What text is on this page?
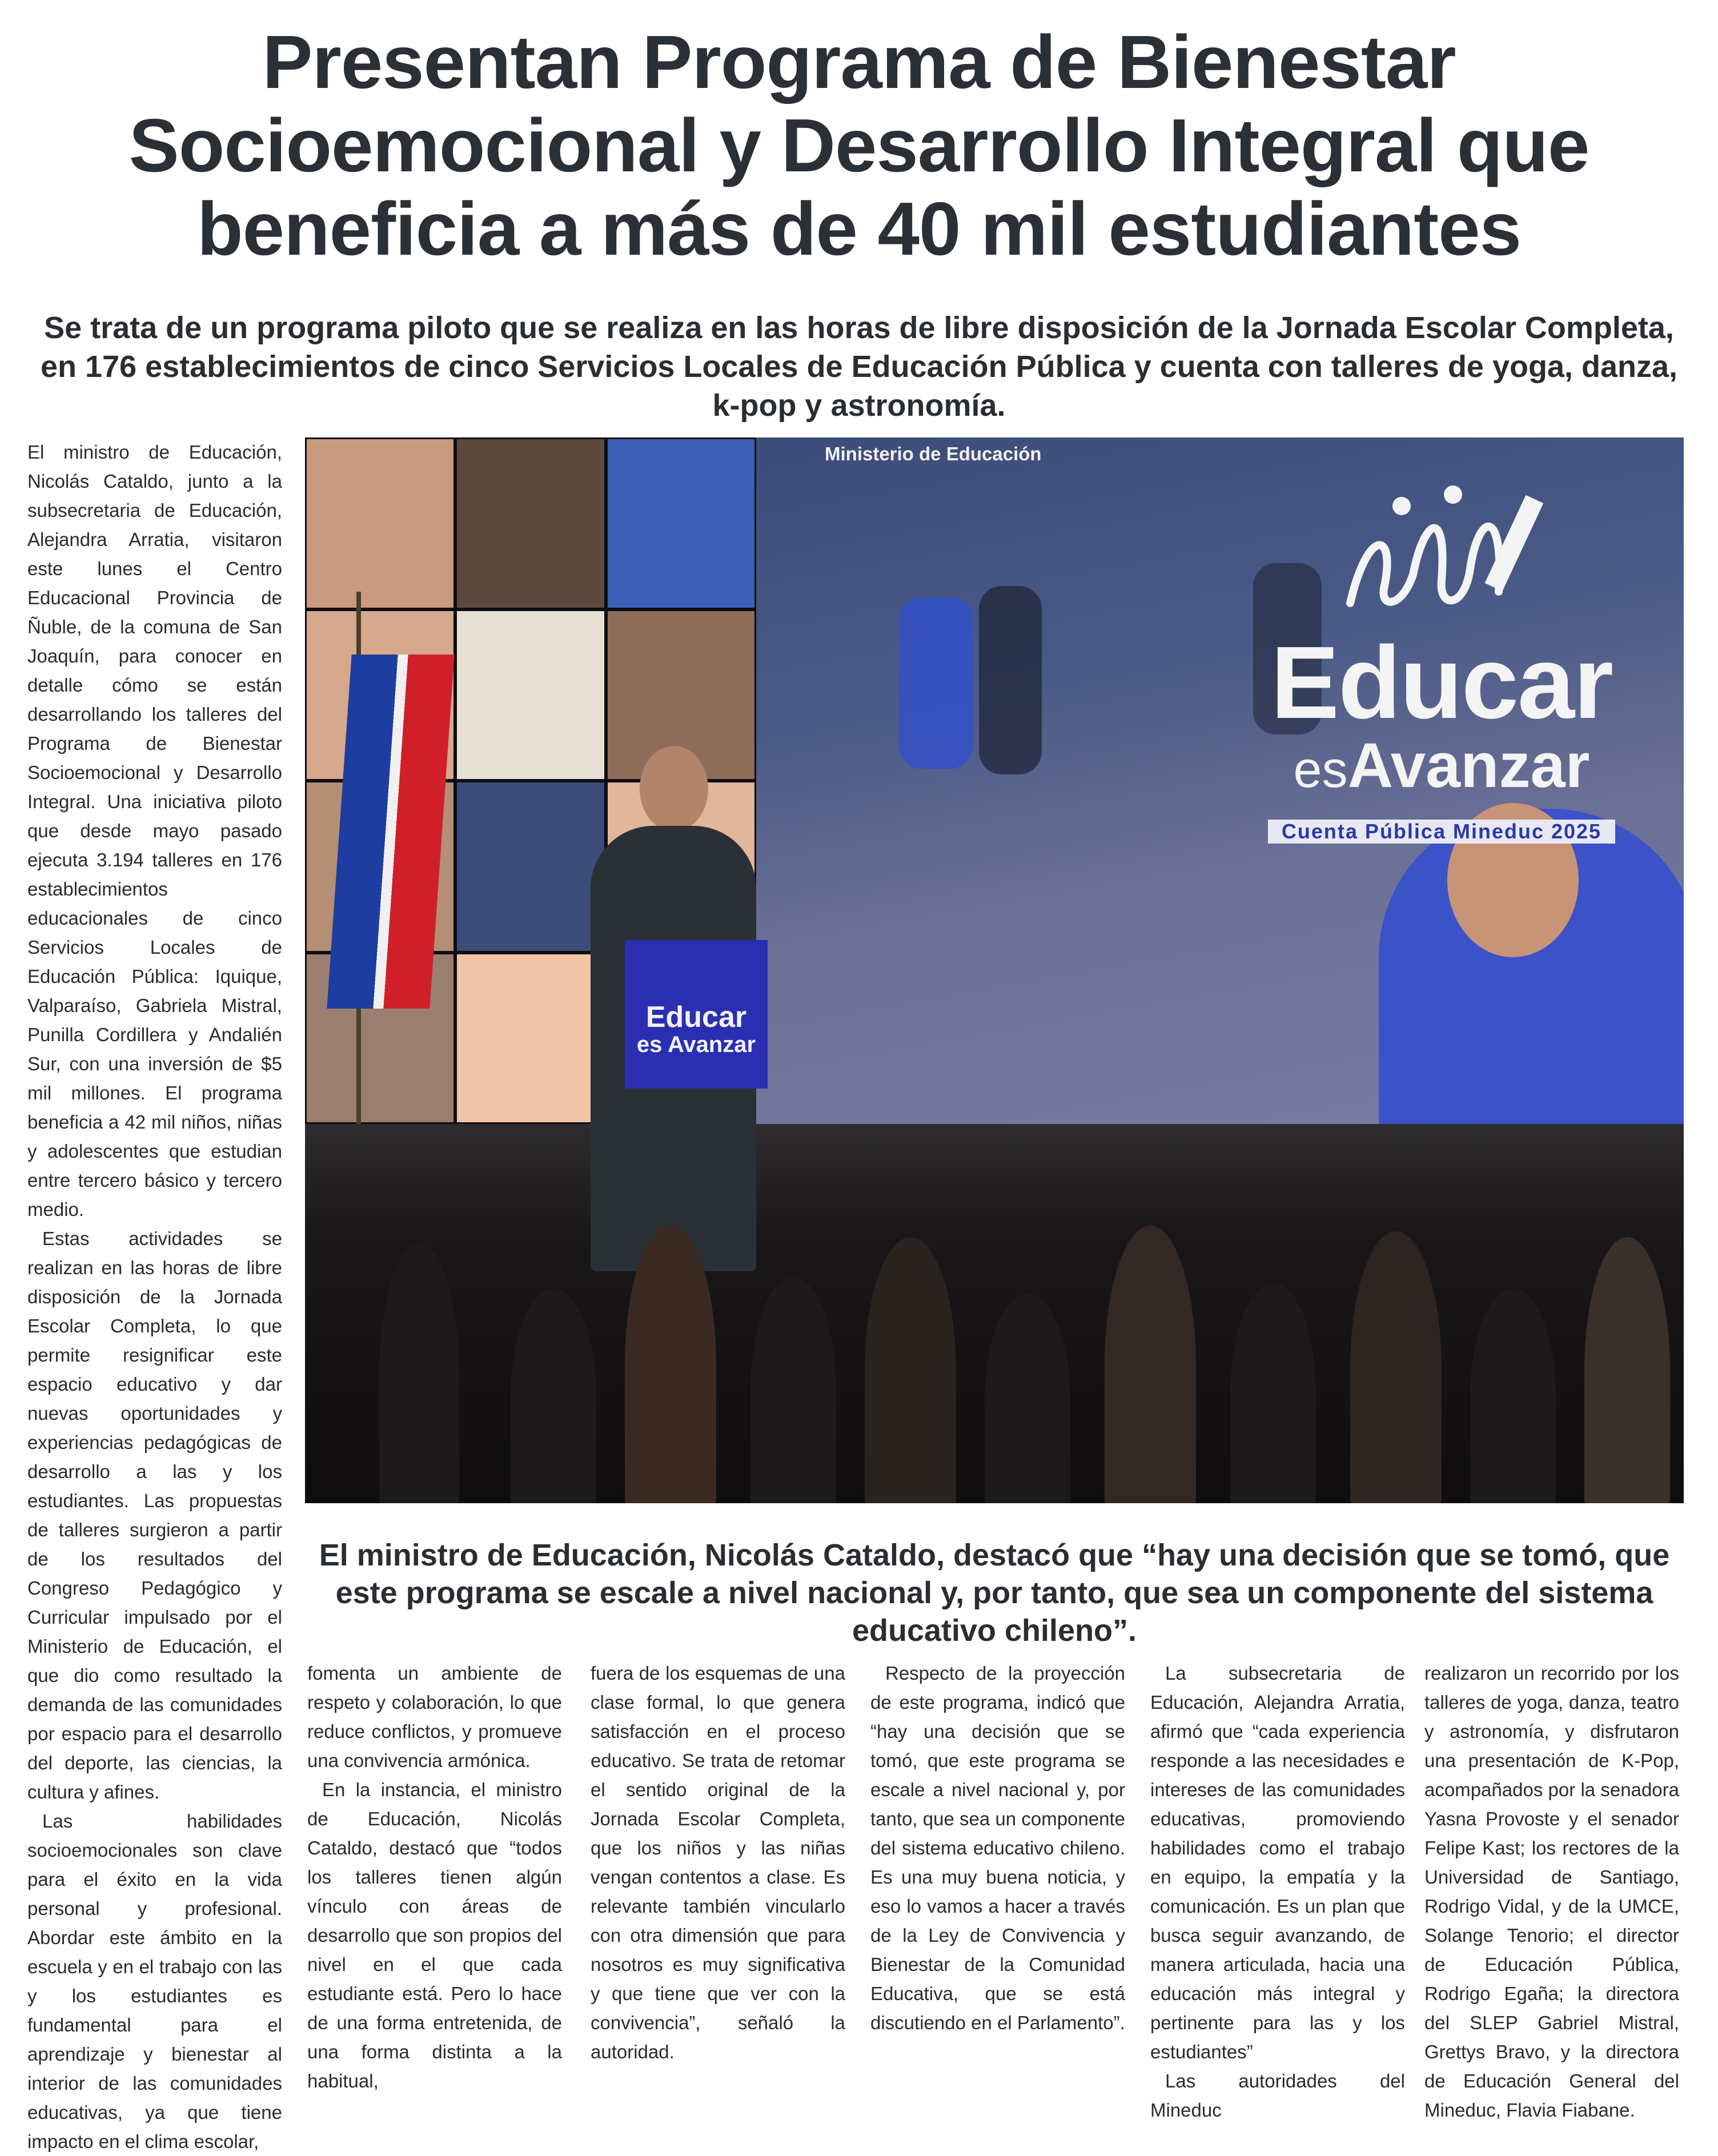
Presentan Programa de Bienestar
Socioemocional y Desarrollo Integral que
beneficia a más de 40 mil estudiantes
Se trata de un programa piloto que se realiza en las horas de libre disposición de la Jornada Escolar Completa, en 176 establecimientos de cinco Servicios Locales de Educación Pública y cuenta con talleres de yoga, danza, k-pop y astronomía.

El ministro de Educación, Nicolás Cataldo, junto a la subsecretaria de Educación, Alejandra Arratia, visitaron este lunes el Centro Educacional Provincia de Ñuble, de la comuna de San Joaquín, para conocer en detalle cómo se están desarrollando los talleres del Programa de Bienestar Socioemocional y Desarrollo Integral. Una iniciativa piloto que desde mayo pasado ejecuta 3.194 talleres en 176 establecimientos educacionales de cinco Servicios Locales de Educación Pública: Iquique, Valparaíso, Gabriela Mistral, Punilla Cordillera y Andalién Sur, con una inversión de $5 mil millones. El programa beneficia a 42 mil niños, niñas y adolescentes que estudian entre tercero básico y tercero medio.

Estas actividades se realizan en las horas de libre disposición de la Jornada Escolar Completa, lo que permite resignificar este espacio educativo y dar nuevas oportunidades y experiencias pedagógicas de desarrollo a las y los estudiantes. Las propuestas de talleres surgieron a partir de los resultados del Congreso Pedagógico y Curricular impulsado por el Ministerio de Educación, el que dio como resultado la demanda de las comunidades por espacio para el desarrollo del deporte, las ciencias, la cultura y afines.

Las habilidades socioemocionales son clave para el éxito en la vida personal y profesional. Abordar este ámbito en la escuela y en el trabajo con las y los estudiantes es fundamental para el aprendizaje y bienestar al interior de las comunidades educativas, ya que tiene impacto en el clima escolar,

Ministerio de Educación
Educar
esAvanzar
Cuenta Pública Mineduc 2025
Educar
es Avanzar
El ministro de Educación, Nicolás Cataldo, destacó que “hay una decisión que se tomó, que este programa se escale a nivel nacional y, por tanto, que sea un componente del sistema educativo chileno”.

fomenta un ambiente de respeto y colaboración, lo que reduce conflictos, y promueve una convivencia armónica.

En la instancia, el ministro de Educación, Nicolás Cataldo, destacó que “todos los talleres tienen algún vínculo con áreas de desarrollo que son propios del nivel en el que cada estudiante está. Pero lo hace de una forma entretenida, de una forma distinta a la habitual,

fuera de los esquemas de una clase formal, lo que genera satisfacción en el proceso educativo. Se trata de retomar el sentido original de la Jornada Escolar Completa, que los niños y las niñas vengan contentos a clase. Es relevante también vincularlo con otra dimensión que para nosotros es muy significativa y que tiene que ver con la convivencia”, señaló la autoridad.

Respecto de la proyección de este programa, indicó que “hay una decisión que se tomó, que este programa se escale a nivel nacional y, por tanto, que sea un componente del sistema educativo chileno. Es una muy buena noticia, y eso lo vamos a hacer a través de la Ley de Convivencia y Bienestar de la Comunidad Educativa, que se está discutiendo en el Parlamento”.

La subsecretaria de Educación, Alejandra Arratia, afirmó que “cada experiencia responde a las necesidades e intereses de las comunidades educativas, promoviendo habilidades como el trabajo en equipo, la empatía y la comunicación. Es un plan que busca seguir avanzando, de manera articulada, hacia una educación más integral y pertinente para las y los estudiantes”

Las autoridades del Mineduc

realizaron un recorrido por los talleres de yoga, danza, teatro y astronomía, y disfrutaron una presentación de K-Pop, acompañados por la senadora Yasna Provoste y el senador Felipe Kast; los rectores de la Universidad de Santiago, Rodrigo Vidal, y de la UMCE, Solange Tenorio; el director de Educación Pública, Rodrigo Egaña; la directora del SLEP Gabriel Mistral, Grettys Bravo, y la directora de Educación General del Mineduc, Flavia Fiabane.
